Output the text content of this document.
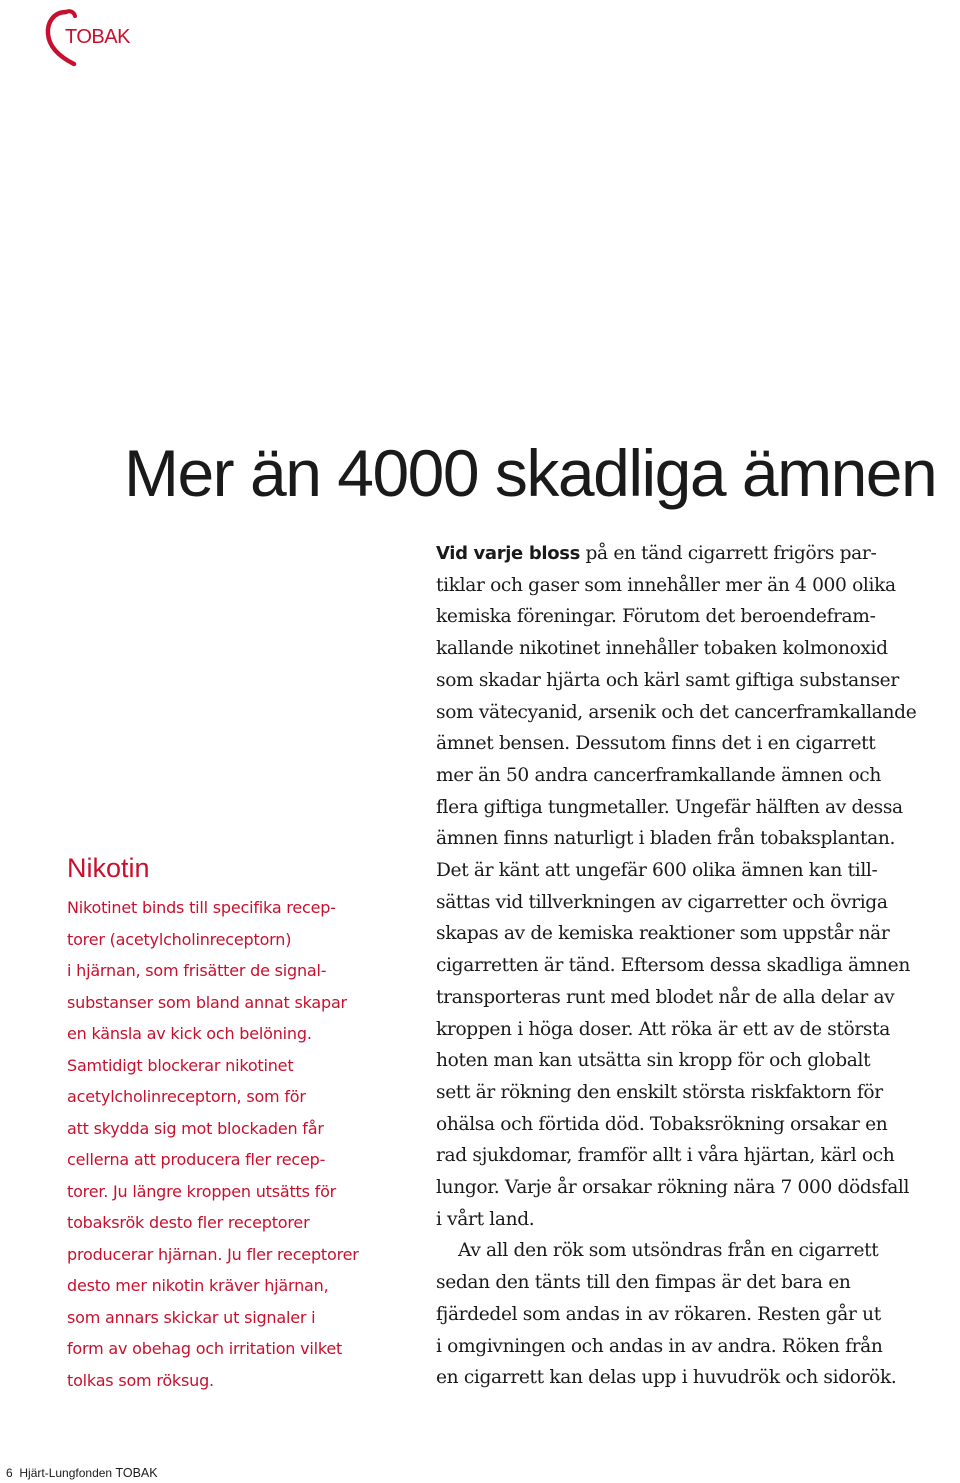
TOBAK
Mer än 4000 skadliga ämnen
Nikotin
Nikotinet binds till specifika recep-
torer (acetylcholinreceptorn)
i hjärnan, som frisätter de signal-
substanser som bland annat skapar
en känsla av kick och belöning.
Samtidigt blockerar nikotinet
acetylcholinreceptorn, som för
att skydda sig mot blockaden får
cellerna att producera fler recep-
torer. Ju längre kroppen utsätts för
tobaksrök desto fler receptorer
producerar hjärnan. Ju fler receptorer
desto mer nikotin kräver hjärnan,
som annars skickar ut signaler i
form av obehag och irritation vilket
tolkas som röksug.
Vid varje bloss på en tänd cigarrett frigörs par-
tiklar och gaser som innehåller mer än 4 000 olika
kemiska föreningar. Förutom det beroendefram-
kallande nikotinet innehåller tobaken kolmonoxid
som skadar hjärta och kärl samt giftiga substanser
som vätecyanid, arsenik och det cancerframkallande
ämnet bensen. Dessutom finns det i en cigarrett
mer än 50 andra cancerframkallande ämnen och
flera giftiga tungmetaller. Ungefär hälften av dessa
ämnen finns naturligt i bladen från tobaksplantan.
Det är känt att ungefär 600 olika ämnen kan till-
sättas vid tillverkningen av cigarretter och övriga
skapas av de kemiska reaktioner som uppstår när
cigarretten är tänd. Eftersom dessa skadliga ämnen
transporteras runt med blodet når de alla delar av
kroppen i höga doser. Att röka är ett av de största
hoten man kan utsätta sin kropp för och globalt
sett är rökning den enskilt största riskfaktorn för
ohälsa och förtida död. Tobaksrökning orsakar en
rad sjukdomar, framför allt i våra hjärtan, kärl och
lungor. Varje år orsakar rökning nära 7 000 dödsfall
i vårt land.
Av all den rök som utsöndras från en cigarrett
sedan den tänts till den fimpas är det bara en
fjärdedel som andas in av rökaren. Resten går ut
i omgivningen och andas in av andra. Röken från
en cigarrett kan delas upp i huvudrök och sidorök.
6 Hjärt-Lungfonden TOBAK
